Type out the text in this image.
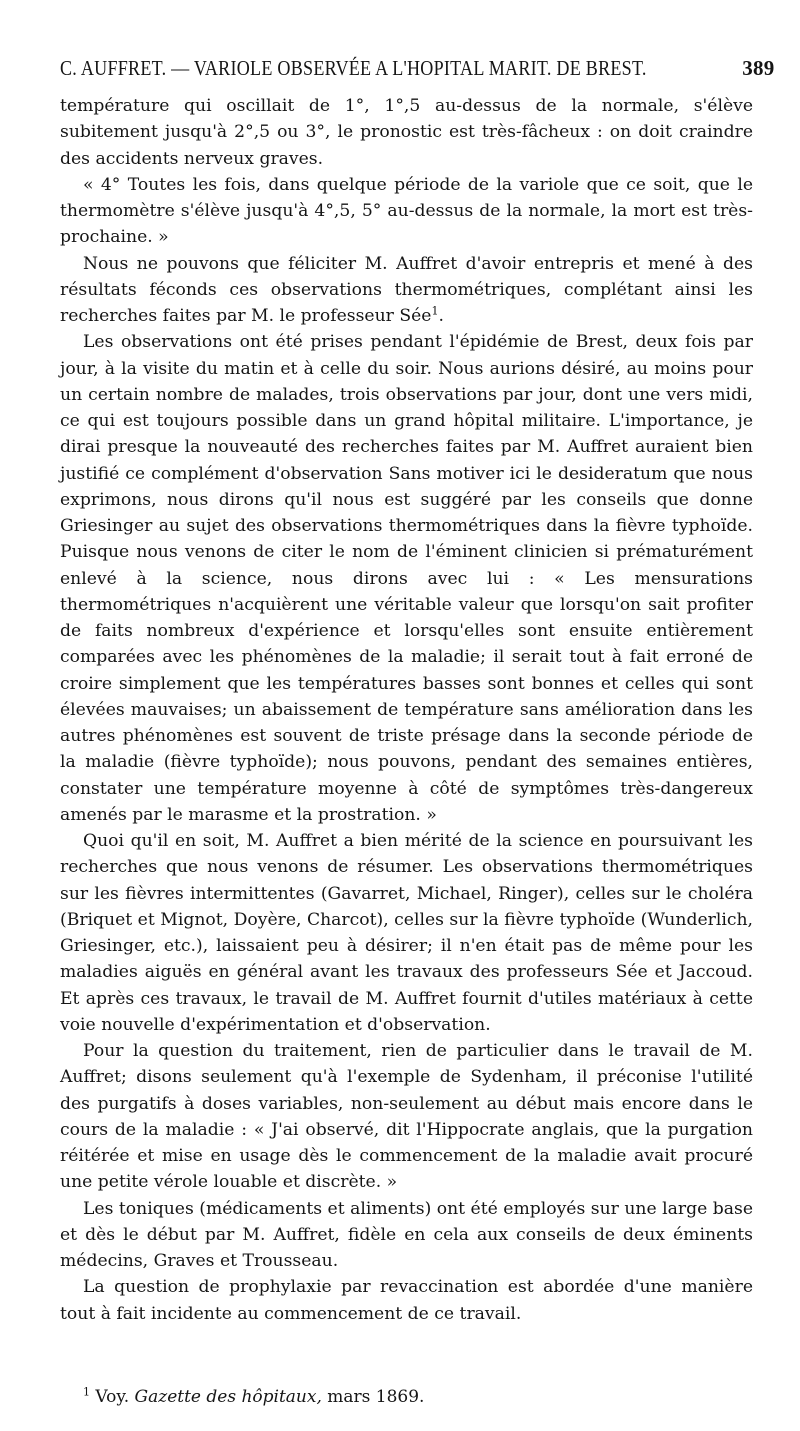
C. AUFFRET. — VARIOLE OBSERVÉE A L'HOPITAL MARIT. DE BREST.	389

température qui oscillait de 1°, 1°,5 au-dessus de la normale, s'élève subitement jusqu'à 2°,5 ou 3°, le pronostic est très-fâcheux : on doit craindre des accidents nerveux graves.

« 4° Toutes les fois, dans quelque période de la variole que ce soit, que le thermomètre s'élève jusqu'à 4°,5, 5° au-dessus de la normale, la mort est très-prochaine. »

Nous ne pouvons que féliciter M. Auffret d'avoir entrepris et mené à des résultats féconds ces observations thermométriques, complétant ainsi les recherches faites par M. le professeur Sée$^1$.

Les observations ont été prises pendant l'épidémie de Brest, deux fois par jour, à la visite du matin et à celle du soir. Nous aurions désiré, au moins pour un certain nombre de malades, trois observations par jour, dont une vers midi, ce qui est toujours possible dans un grand hôpital militaire. L'importance, je dirai presque la nouveauté des recherches faites par M. Auffret auraient bien justifié ce complément d'observation Sans motiver ici le desideratum que nous exprimons, nous dirons qu'il nous est suggéré par les conseils que donne Griesinger au sujet des observations thermométriques dans la fièvre typhoïde. Puisque nous venons de citer le nom de l'éminent clinicien si prématurément enlevé à la science, nous dirons avec lui : « Les mensurations thermométriques n'acquièrent une véritable valeur que lorsqu'on sait profiter de faits nombreux d'expérience et lorsqu'elles sont ensuite entièrement comparées avec les phénomènes de la maladie; il serait tout à fait erroné de croire simplement que les températures basses sont bonnes et celles qui sont élevées mauvaises; un abaissement de température sans amélioration dans les autres phénomènes est souvent de triste présage dans la seconde période de la maladie (fièvre typhoïde); nous pouvons, pendant des semaines entières, constater une température moyenne à côté de symptômes très-dangereux amenés par le marasme et la prostration. »

Quoi qu'il en soit, M. Auffret a bien mérité de la science en poursuivant les recherches que nous venons de résumer. Les observations thermométriques sur les fièvres intermittentes (Gavarret, Michael, Ringer), celles sur le choléra (Briquet et Mignot, Doyère, Charcot), celles sur la fièvre typhoïde (Wunderlich, Griesinger, etc.), laissaient peu à désirer; il n'en était pas de même pour les maladies aiguës en général avant les travaux des professeurs Sée et Jaccoud. Et après ces travaux, le travail de M. Auffret fournit d'utiles matériaux à cette voie nouvelle d'expérimentation et d'observation.

Pour la question du traitement, rien de particulier dans le travail de M. Auffret; disons seulement qu'à l'exemple de Sydenham, il préconise l'utilité des purgatifs à doses variables, non-seulement au début mais encore dans le cours de la maladie : « J'ai observé, dit l'Hippocrate anglais, que la purgation réitérée et mise en usage dès le commencement de la maladie avait procuré une petite vérole louable et discrète. »

Les toniques (médicaments et aliments) ont été employés sur une large base et dès le début par M. Auffret, fidèle en cela aux conseils de deux éminents médecins, Graves et Trousseau.

La question de prophylaxie par revaccination est abordée d'une manière tout à fait incidente au commencement de ce travail.

$^1$ Voy. Gazette des hôpitaux, mars 1869.
